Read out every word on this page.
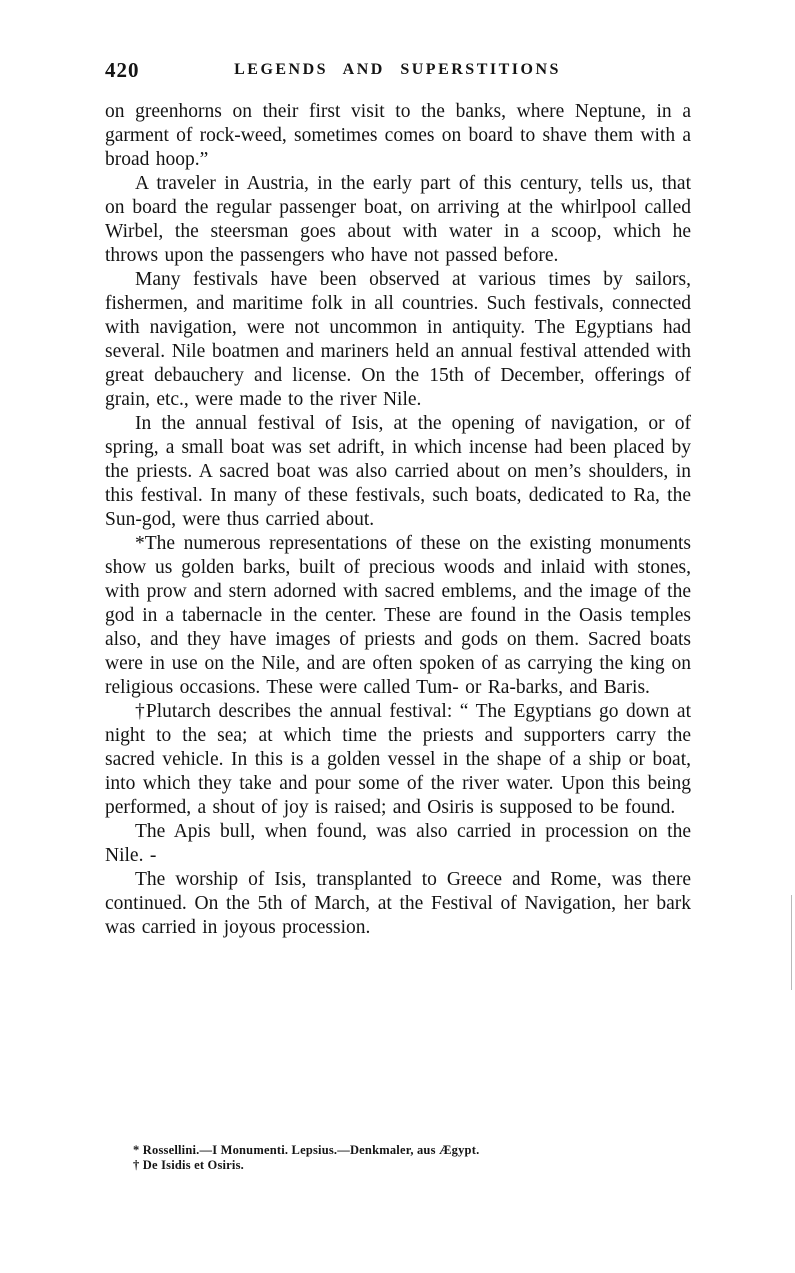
420	LEGENDS AND SUPERSTITIONS

on greenhorns on their first visit to the banks, where Neptune, in a garment of rock-weed, sometimes comes on board to shave them with a broad hoop.”

A traveler in Austria, in the early part of this century, tells us, that on board the regular passenger boat, on arriving at the whirlpool called Wirbel, the steersman goes about with water in a scoop, which he throws upon the passengers who have not passed before.

Many festivals have been observed at various times by sailors, fishermen, and maritime folk in all countries. Such festivals, connected with navigation, were not uncommon in antiquity. The Egyptians had several. Nile boatmen and mariners held an annual festival attended with great debauchery and license. On the 15th of December, offerings of grain, etc., were made to the river Nile.

In the annual festival of Isis, at the opening of navigation, or of spring, a small boat was set adrift, in which incense had been placed by the priests. A sacred boat was also carried about on men’s shoulders, in this festival. In many of these festivals, such boats, dedicated to Ra, the Sun-god, were thus carried about.

*The numerous representations of these on the existing monuments show us golden barks, built of precious woods and inlaid with stones, with prow and stern adorned with sacred emblems, and the image of the god in a tabernacle in the center. These are found in the Oasis temples also, and they have images of priests and gods on them. Sacred boats were in use on the Nile, and are often spoken of as carrying the king on religious occasions. These were called Tum- or Ra-barks, and Baris.

†Plutarch describes the annual festival: “ The Egyptians go down at night to the sea; at which time the priests and supporters carry the sacred vehicle. In this is a golden vessel in the shape of a ship or boat, into which they take and pour some of the river water. Upon this being performed, a shout of joy is raised; and Osiris is supposed to be found.

The Apis bull, when found, was also carried in procession on the Nile. -

The worship of Isis, transplanted to Greece and Rome, was there continued. On the 5th of March, at the Festival of Navigation, her bark was carried in joyous procession.

* Rossellini.—I Monumenti. Lepsius.—Denkmaler, aus Ægypt.

† De Isidis et Osiris.
